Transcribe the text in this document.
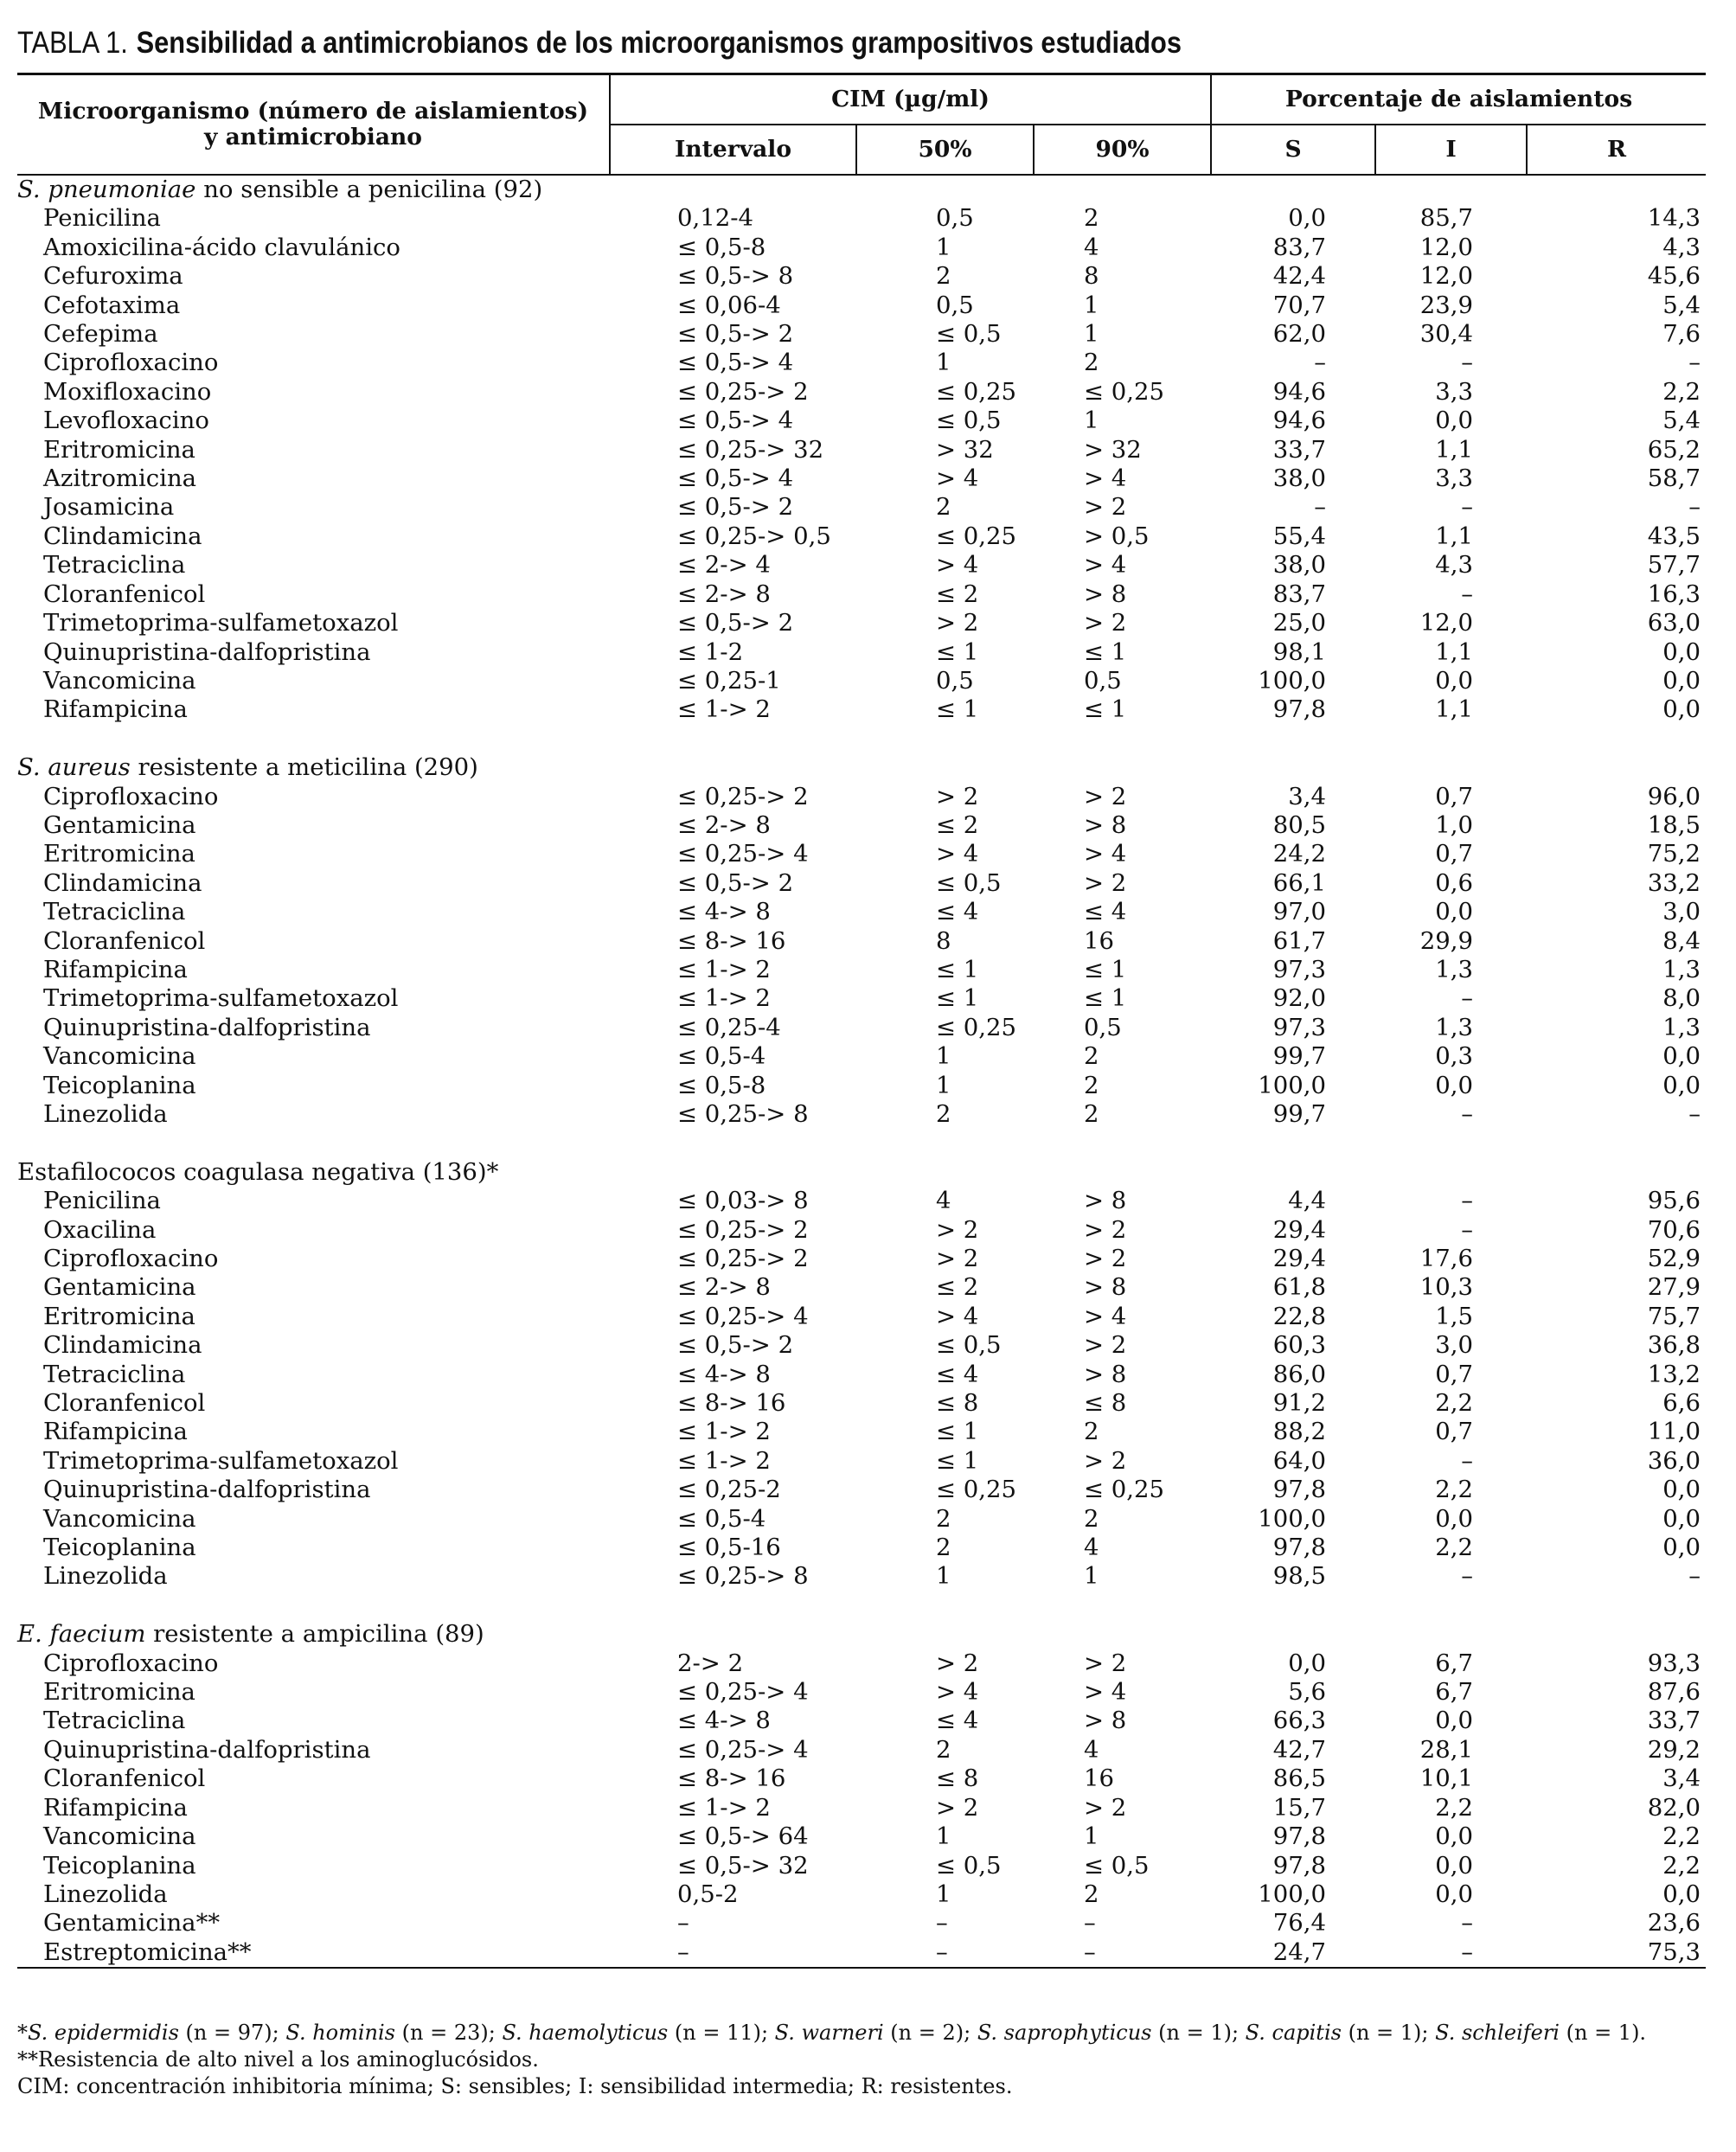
TABLA 1. Sensibilidad a antimicrobianos de los microorganismos grampositivos estudiados
Microorganismo (número de aislamientos)
y antimicrobiano	CIM (µg/ml)			Porcentaje de aislamientos		
	Intervalo	50%	90%	S	I	R
S. pneumoniae no sensible a penicilina (92)						
Penicilina	0,12-4	0,5	2	0,0	85,7	14,3
Amoxicilina-ácido clavulánico	≤ 0,5-8	1	4	83,7	12,0	4,3
Cefuroxima	≤ 0,5-> 8	2	8	42,4	12,0	45,6
Cefotaxima	≤ 0,06-4	0,5	1	70,7	23,9	5,4
Cefepima	≤ 0,5-> 2	≤ 0,5	1	62,0	30,4	7,6
Ciprofloxacino	≤ 0,5-> 4	1	2	–	–	–
Moxifloxacino	≤ 0,25-> 2	≤ 0,25	≤ 0,25	94,6	3,3	2,2
Levofloxacino	≤ 0,5-> 4	≤ 0,5	1	94,6	0,0	5,4
Eritromicina	≤ 0,25-> 32	> 32	> 32	33,7	1,1	65,2
Azitromicina	≤ 0,5-> 4	> 4	> 4	38,0	3,3	58,7
Josamicina	≤ 0,5-> 2	2	> 2	–	–	–
Clindamicina	≤ 0,25-> 0,5	≤ 0,25	> 0,5	55,4	1,1	43,5
Tetraciclina	≤ 2-> 4	> 4	> 4	38,0	4,3	57,7
Cloranfenicol	≤ 2-> 8	≤ 2	> 8	83,7	–	16,3
Trimetoprima-sulfametoxazol	≤ 0,5-> 2	> 2	> 2	25,0	12,0	63,0
Quinupristina-dalfopristina	≤ 1-2	≤ 1	≤ 1	98,1	1,1	0,0
Vancomicina	≤ 0,25-1	0,5	0,5	100,0	0,0	0,0
Rifampicina	≤ 1-> 2	≤ 1	≤ 1	97,8	1,1	0,0

S. aureus resistente a meticilina (290)						
Ciprofloxacino	≤ 0,25-> 2	> 2	> 2	3,4	0,7	96,0
Gentamicina	≤ 2-> 8	≤ 2	> 8	80,5	1,0	18,5
Eritromicina	≤ 0,25-> 4	> 4	> 4	24,2	0,7	75,2
Clindamicina	≤ 0,5-> 2	≤ 0,5	> 2	66,1	0,6	33,2
Tetraciclina	≤ 4-> 8	≤ 4	≤ 4	97,0	0,0	3,0
Cloranfenicol	≤ 8-> 16	8	16	61,7	29,9	8,4
Rifampicina	≤ 1-> 2	≤ 1	≤ 1	97,3	1,3	1,3
Trimetoprima-sulfametoxazol	≤ 1-> 2	≤ 1	≤ 1	92,0	–	8,0
Quinupristina-dalfopristina	≤ 0,25-4	≤ 0,25	0,5	97,3	1,3	1,3
Vancomicina	≤ 0,5-4	1	2	99,7	0,3	0,0
Teicoplanina	≤ 0,5-8	1	2	100,0	0,0	0,0
Linezolida	≤ 0,25-> 8	2	2	99,7	–	–

Estafilococos coagulasa negativa (136)*						
Penicilina	≤ 0,03-> 8	4	> 8	4,4	–	95,6
Oxacilina	≤ 0,25-> 2	> 2	> 2	29,4	–	70,6
Ciprofloxacino	≤ 0,25-> 2	> 2	> 2	29,4	17,6	52,9
Gentamicina	≤ 2-> 8	≤ 2	> 8	61,8	10,3	27,9
Eritromicina	≤ 0,25-> 4	> 4	> 4	22,8	1,5	75,7
Clindamicina	≤ 0,5-> 2	≤ 0,5	> 2	60,3	3,0	36,8
Tetraciclina	≤ 4-> 8	≤ 4	> 8	86,0	0,7	13,2
Cloranfenicol	≤ 8-> 16	≤ 8	≤ 8	91,2	2,2	6,6
Rifampicina	≤ 1-> 2	≤ 1	2	88,2	0,7	11,0
Trimetoprima-sulfametoxazol	≤ 1-> 2	≤ 1	> 2	64,0	–	36,0
Quinupristina-dalfopristina	≤ 0,25-2	≤ 0,25	≤ 0,25	97,8	2,2	0,0
Vancomicina	≤ 0,5-4	2	2	100,0	0,0	0,0
Teicoplanina	≤ 0,5-16	2	4	97,8	2,2	0,0
Linezolida	≤ 0,25-> 8	1	1	98,5	–	–

E. faecium resistente a ampicilina (89)						
Ciprofloxacino	2-> 2	> 2	> 2	0,0	6,7	93,3
Eritromicina	≤ 0,25-> 4	> 4	> 4	5,6	6,7	87,6
Tetraciclina	≤ 4-> 8	≤ 4	> 8	66,3	0,0	33,7
Quinupristina-dalfopristina	≤ 0,25-> 4	2	4	42,7	28,1	29,2
Cloranfenicol	≤ 8-> 16	≤ 8	16	86,5	10,1	3,4
Rifampicina	≤ 1-> 2	> 2	> 2	15,7	2,2	82,0
Vancomicina	≤ 0,5-> 64	1	1	97,8	0,0	2,2
Teicoplanina	≤ 0,5-> 32	≤ 0,5	≤ 0,5	97,8	0,0	2,2
Linezolida	0,5-2	1	2	100,0	0,0	0,0
Gentamicina**	–	–	–	76,4	–	23,6
Estreptomicina**	–	–	–	24,7	–	75,3
*S. epidermidis (n = 97); S. hominis (n = 23); S. haemolyticus (n = 11); S. warneri (n = 2); S. saprophyticus (n = 1); S. capitis (n = 1); S. schleiferi (n = 1).
**Resistencia de alto nivel a los aminoglucósidos.
CIM: concentración inhibitoria mínima; S: sensibles; I: sensibilidad intermedia; R: resistentes.
